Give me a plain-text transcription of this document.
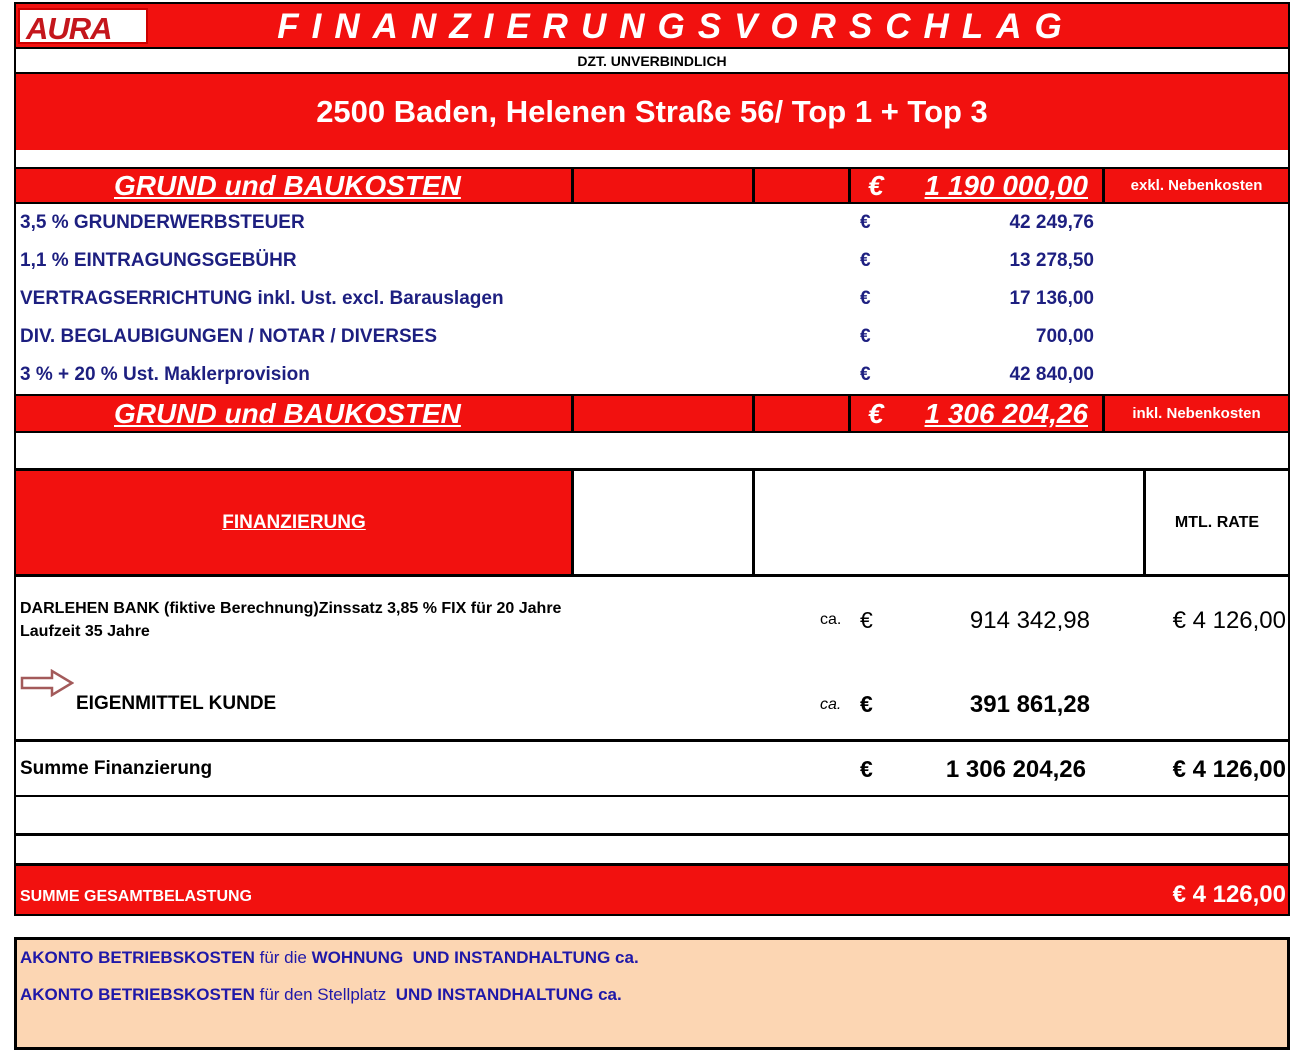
AURA	FINANZIERUNGSVORSCHLAG
DZT. UNVERBINDLICH
2500 Baden, Helenen Straße 56/ Top 1 + Top 3
GRUND und BAUKOSTEN	€ 1 190 000,00	exkl. Nebenkosten
3,5 % GRUNDERWERBSTEUER	€	42 249,76
1,1 % EINTRAGUNGSGEBÜHR	€	13 278,50
VERTRAGSERRICHTUNG inkl. Ust. excl. Barauslagen	€	17 136,00
DIV. BEGLAUBIGUNGEN / NOTAR / DIVERSES	€	700,00
3 % + 20 % Ust. Maklerprovision	€	42 840,00
GRUND und BAUKOSTEN	€ 1 306 204,26	inkl. Nebenkosten
FINANZIERUNG	MTL. RATE
DARLEHEN BANK (fiktive Berechnung)Zinssatz 3,85 % FIX für 20 Jahre
Laufzeit 35 Jahre
ca. €	914 342,98	€ 4 126,00
EIGENMITTEL KUNDE	ca. €	391 861,28
Summe Finanzierung	€	1 306 204,26	€ 4 126,00
SUMME GESAMTBELASTUNG	€ 4 126,00
AKONTO BETRIEBSKOSTEN für die WOHNUNG  UND INSTANDHALTUNG ca.
AKONTO BETRIEBSKOSTEN für den Stellplatz  UND INSTANDHALTUNG ca.
